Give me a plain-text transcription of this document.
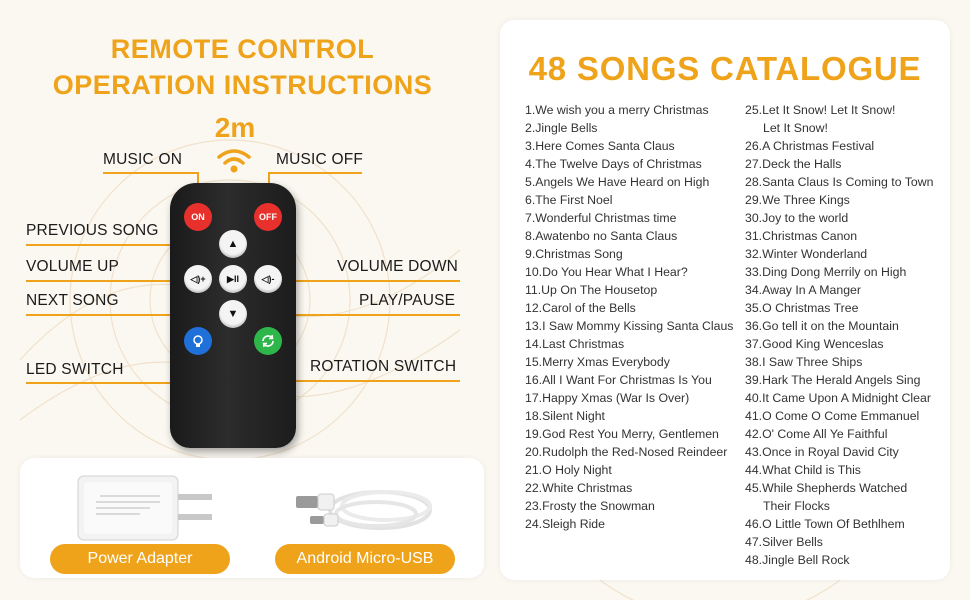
REMOTE CONTROL
OPERATION INSTRUCTIONS
2m
MUSIC ON	MUSIC OFF
PREVIOUS SONG
VOLUME UP	VOLUME DOWN
NEXT SONG	PLAY/PAUSE
LED SWITCH	ROTATION SWITCH
ON	OFF
▲
◁)+	▶II	◁)-
▼
Power Adapter	Android Micro-USB
48 SONGS CATALOGUE
1.We wish you a merry Christmas
2.Jingle Bells
3.Here Comes Santa Claus
4.The Twelve Days of Christmas
5.Angels We Have Heard on High
6.The First Noel
7.Wonderful Christmas time
8.Awatenbo no Santa Claus
9.Christmas Song
10.Do You Hear What I Hear?
11.Up On The Housetop
12.Carol of the Bells
13.I Saw Mommy Kissing Santa Claus
14.Last Christmas
15.Merry Xmas Everybody
16.All I Want For Christmas Is You
17.Happy Xmas (War Is Over)
18.Silent Night
19.God Rest You Merry, Gentlemen
20.Rudolph the Red-Nosed Reindeer
21.O Holy Night
22.White Christmas
23.Frosty the Snowman
24.Sleigh Ride
25.Let It Snow! Let It Snow!
Let It Snow!
26.A Christmas Festival
27.Deck the Halls
28.Santa Claus Is Coming to Town
29.We Three Kings
30.Joy to the world
31.Christmas Canon
32.Winter Wonderland
33.Ding Dong Merrily on High
34.Away In A Manger
35.O Christmas Tree
36.Go tell it on the Mountain
37.Good King Wenceslas
38.I Saw Three Ships
39.Hark The Herald Angels Sing
40.It Came Upon A Midnight Clear
41.O Come O Come Emmanuel
42.O' Come All Ye Faithful
43.Once in Royal David City
44.What Child is This
45.While Shepherds Watched
Their Flocks
46.O Little Town Of Bethlhem
47.Silver Bells
48.Jingle Bell Rock
